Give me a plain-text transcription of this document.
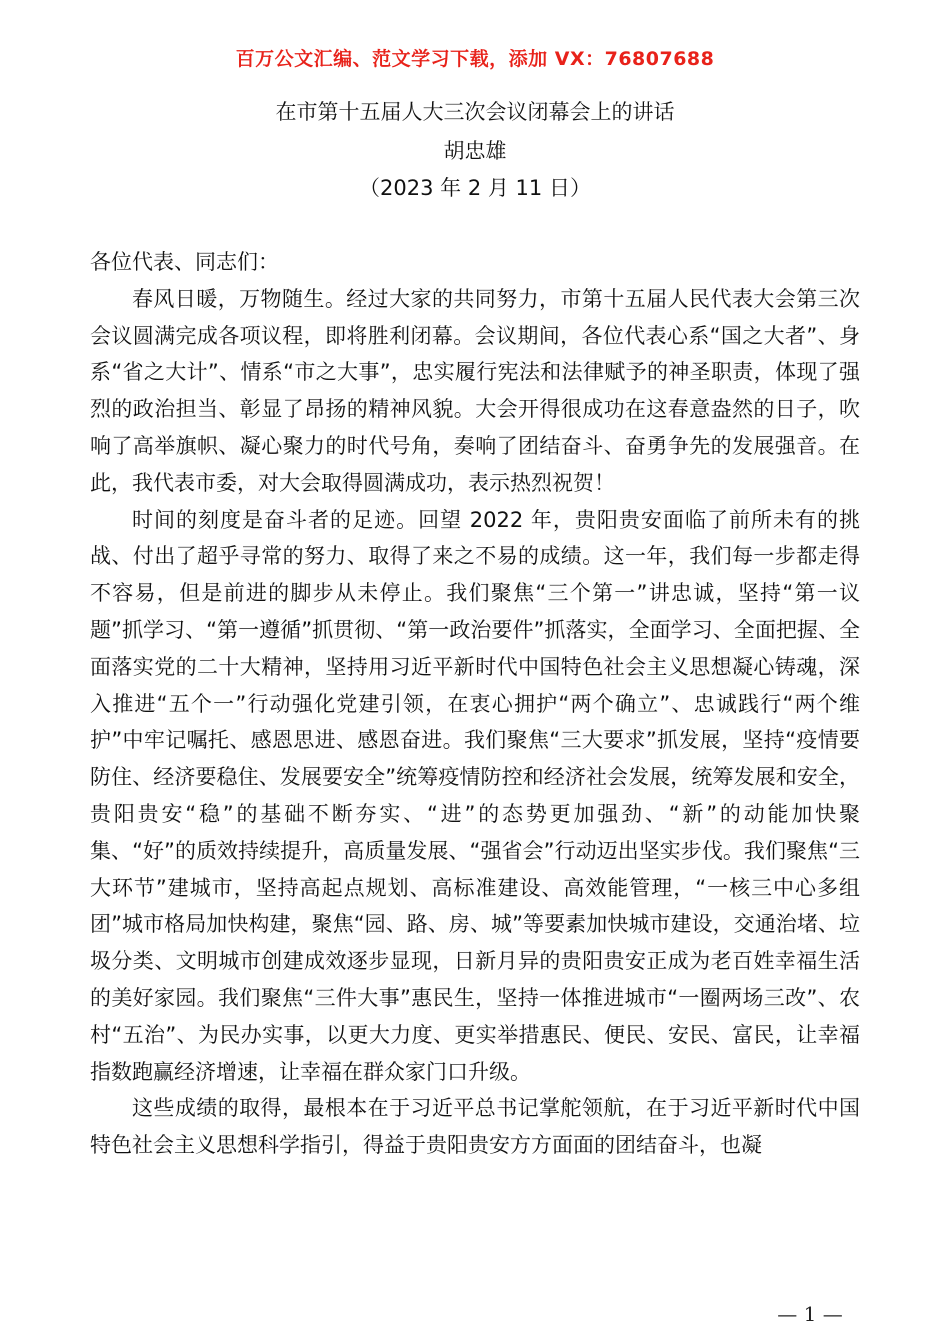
百万公文汇编、范文学习下载，添加 VX：76807688
在市第十五届人大三次会议闭幕会上的讲话
胡忠雄
（2023 年 2 月 11 日）

各位代表、同志们：

春风日暖，万物随生。经过大家的共同努力，市第十五届人民代表大会第三次会议圆满完成各项议程，即将胜利闭幕。会议期间，各位代表心系“国之大者”、身系“省之大计”、情系“市之大事”，忠实履行宪法和法律赋予的神圣职责，体现了强烈的政治担当、彰显了昂扬的精神风貌。大会开得很成功在这春意盎然的日子，吹响了高举旗帜、凝心聚力的时代号角，奏响了团结奋斗、奋勇争先的发展强音。在此，我代表市委，对大会取得圆满成功，表示热烈祝贺！

时间的刻度是奋斗者的足迹。回望 2022 年，贵阳贵安面临了前所未有的挑战、付出了超乎寻常的努力、取得了来之不易的成绩。这一年，我们每一步都走得不容易，但是前进的脚步从未停止。我们聚焦“三个第一”讲忠诚，坚持“第一议题”抓学习、“第一遵循”抓贯彻、“第一政治要件”抓落实，全面学习、全面把握、全面落实党的二十大精神，坚持用习近平新时代中国特色社会主义思想凝心铸魂，深入推进“五个一”行动强化党建引领，在衷心拥护“两个确立”、忠诚践行“两个维护”中牢记嘱托、感恩思进、感恩奋进。我们聚焦“三大要求”抓发展，坚持“疫情要防住、经济要稳住、发展要安全”统筹疫情防控和经济社会发展，统筹发展和安全，贵阳贵安“稳”的基础不断夯实、“进”的态势更加强劲、“新”的动能加快聚集、“好”的质效持续提升，高质量发展、“强省会”行动迈出坚实步伐。我们聚焦“三大环节”建城市，坚持高起点规划、高标准建设、高效能管理，“一核三中心多组团”城市格局加快构建，聚焦“园、路、房、城”等要素加快城市建设，交通治堵、垃圾分类、文明城市创建成效逐步显现，日新月异的贵阳贵安正成为老百姓幸福生活的美好家园。我们聚焦“三件大事”惠民生，坚持一体推进城市“一圈两场三改”、农村“五治”、为民办实事，以更大力度、更实举措惠民、便民、安民、富民，让幸福指数跑赢经济增速，让幸福在群众家门口升级。

这些成绩的取得，最根本在于习近平总书记掌舵领航，在于习近平新时代中国特色社会主义思想科学指引，得益于贵阳贵安方方面面的团结奋斗，也凝

— 1 —
